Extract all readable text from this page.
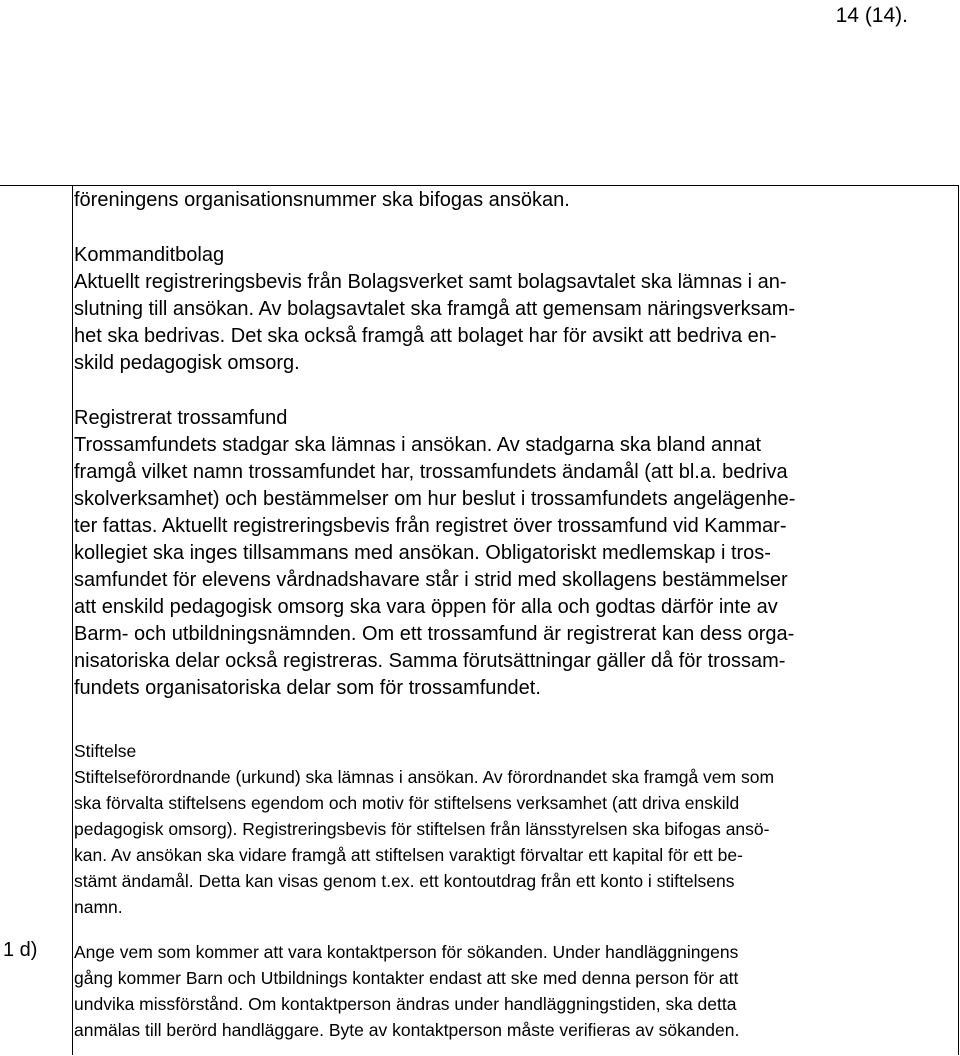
14 (14).
1 d)

föreningens organisationsnummer ska bifogas ansökan.

Kommanditbolag

Aktuellt registreringsbevis från Bolagsverket samt bolagsavtalet ska lämnas i an-
slutning till ansökan. Av bolagsavtalet ska framgå att gemensam näringsverksam-
het ska bedrivas. Det ska också framgå att bolaget har för avsikt att bedriva en-
skild pedagogisk omsorg.

Registrerat trossamfund

Trossamfundets stadgar ska lämnas i ansökan. Av stadgarna ska bland annat
framgå vilket namn trossamfundet har, trossamfundets ändamål (att bl.a. bedriva
skolverksamhet) och bestämmelser om hur beslut i trossamfundets angelägenhe-
ter fattas. Aktuellt registreringsbevis från registret över trossamfund vid Kammar-
kollegiet ska inges tillsammans med ansökan. Obligatoriskt medlemskap i tros-
samfundet för elevens vårdnadshavare står i strid med skollagens bestämmelser
att enskild pedagogisk omsorg ska vara öppen för alla och godtas därför inte av
Barm- och utbildningsnämnden. Om ett trossamfund är registrerat kan dess orga-
nisatoriska delar också registreras. Samma förutsättningar gäller då för trossam-
fundets organisatoriska delar som för trossamfundet.

Stiftelse

Stiftelseförordnande (urkund) ska lämnas i ansökan. Av förordnandet ska framgå vem som
ska förvalta stiftelsens egendom och motiv för stiftelsens verksamhet (att driva enskild
pedagogisk omsorg). Registreringsbevis för stiftelsen från länsstyrelsen ska bifogas ansö-
kan. Av ansökan ska vidare framgå att stiftelsen varaktigt förvaltar ett kapital för ett be-
stämt ändamål. Detta kan visas genom t.ex. ett kontoutdrag från ett konto i stiftelsens
namn.

Ange vem som kommer att vara kontaktperson för sökanden. Under handläggningens
gång kommer Barn och Utbildnings kontakter endast att ske med denna person för att
undvika missförstånd. Om kontaktperson ändras under handläggningstiden, ska detta
anmälas till berörd handläggare. Byte av kontaktperson måste verifieras av sökanden.
